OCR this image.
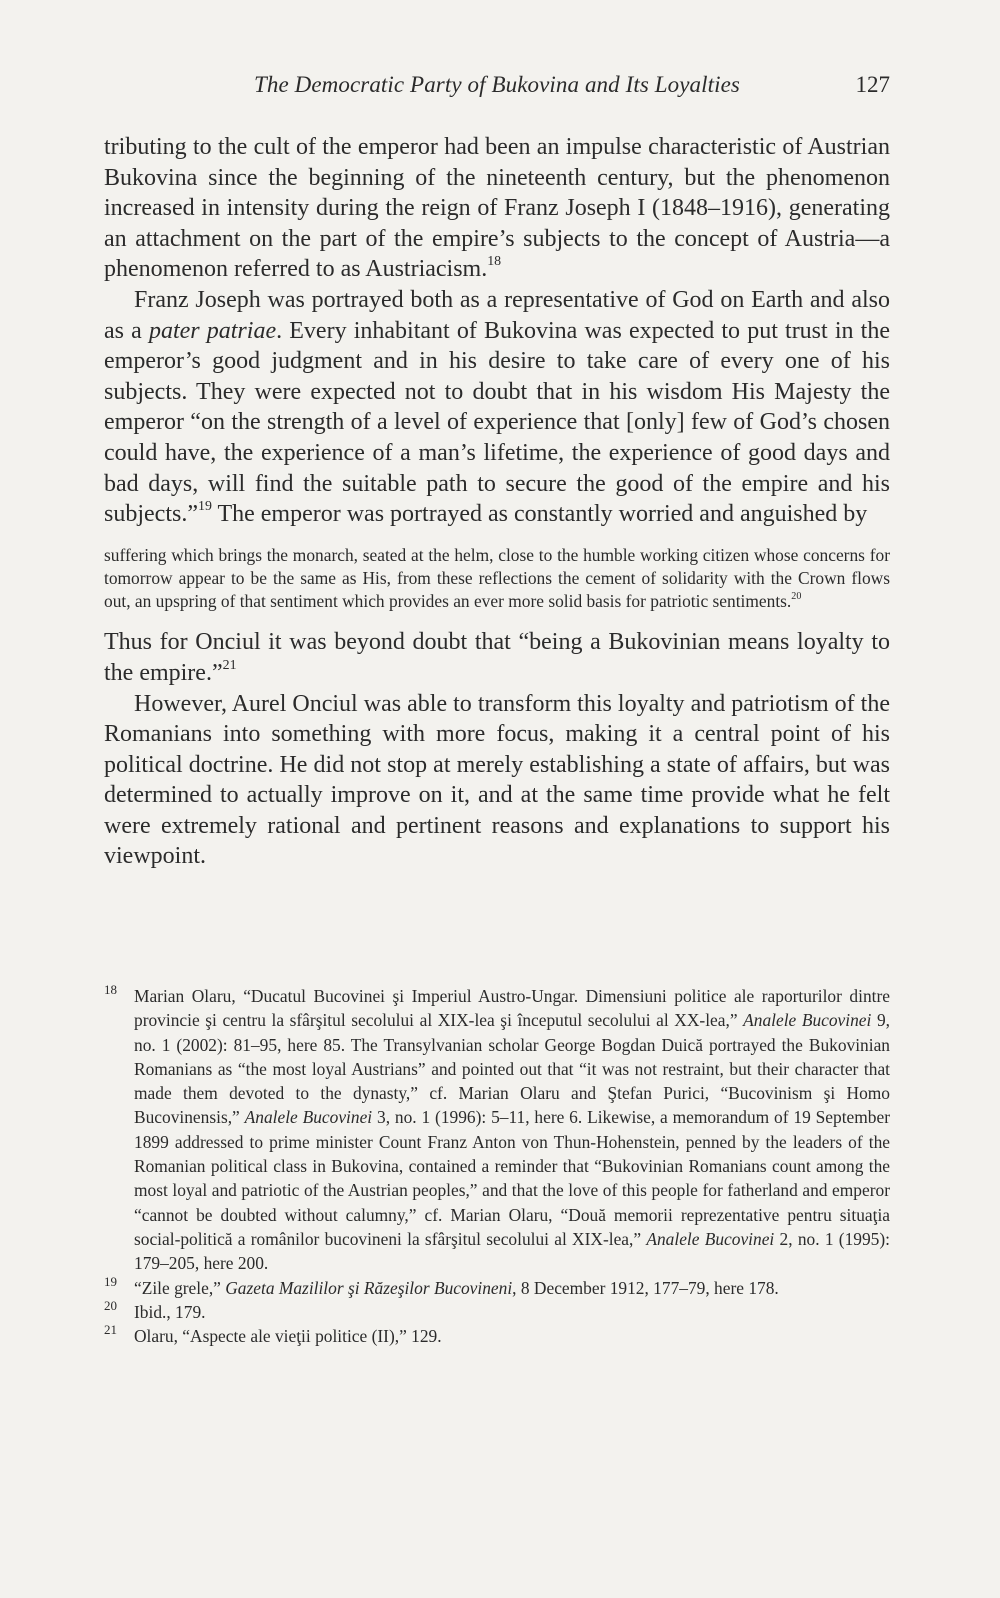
The Democratic Party of Bukovina and Its Loyalties	127

tributing to the cult of the emperor had been an impulse characteristic of Austrian Bukovina since the beginning of the nineteenth century, but the phenomenon increased in intensity during the reign of Franz Joseph I (1848–1916), generating an attachment on the part of the empire’s subjects to the concept of Austria—a phenomenon referred to as Austriacism.$^{18}$

Franz Joseph was portrayed both as a representative of God on Earth and also as a pater patriae. Every inhabitant of Bukovina was expected to put trust in the emperor’s good judgment and in his desire to take care of every one of his subjects. They were expected not to doubt that in his wisdom His Majesty the emperor “on the strength of a level of experience that [only] few of God’s chosen could have, the experience of a man’s lifetime, the experience of good days and bad days, will find the suitable path to secure the good of the empire and his subjects.”$^{19}$ The emperor was portrayed as constantly worried and anguished by

suffering which brings the monarch, seated at the helm, close to the humble working citizen whose concerns for tomorrow appear to be the same as His, from these reflections the cement of solidarity with the Crown flows out, an upspring of that sentiment which provides an ever more solid basis for patriotic sentiments.$^{20}$

Thus for Onciul it was beyond doubt that “being a Bukovinian means loyalty to the empire.”$^{21}$

However, Aurel Onciul was able to transform this loyalty and patriotism of the Romanians into something with more focus, making it a central point of his political doctrine. He did not stop at merely establishing a state of affairs, but was determined to actually improve on it, and at the same time provide what he felt were extremely rational and pertinent reasons and explanations to support his viewpoint.

18 Marian Olaru, “Ducatul Bucovinei şi Imperiul Austro-Ungar. Dimensiuni politice ale raporturilor dintre provincie şi centru la sfârşitul secolului al XIX-lea şi începutul secolului al XX-lea,” Analele Bucovinei 9, no. 1 (2002): 81–95, here 85. The Transylvanian scholar George Bogdan Duică portrayed the Bukovinian Romanians as “the most loyal Austrians” and pointed out that “it was not restraint, but their character that made them devoted to the dynasty,” cf. Marian Olaru and Ştefan Purici, “Bucovinism şi Homo Bucovinensis,” Analele Bucovinei 3, no. 1 (1996): 5–11, here 6. Likewise, a memorandum of 19 September 1899 addressed to prime minister Count Franz Anton von Thun-Hohenstein, penned by the leaders of the Romanian political class in Bukovina, contained a reminder that “Bukovinian Romanians count among the most loyal and patriotic of the Austrian peoples,” and that the love of this people for fatherland and emperor “cannot be doubted without calumny,” cf. Marian Olaru, “Două memorii reprezentative pentru situaţia social-politică a românilor bucovineni la sfârşitul secolului al XIX-lea,” Analele Bucovinei 2, no. 1 (1995): 179–205, here 200.

19 “Zile grele,” Gazeta Mazililor şi Răzeşilor Bucovineni, 8 December 1912, 177–79, here 178.

20 Ibid., 179.

21 Olaru, “Aspecte ale vieţii politice (II),” 129.
